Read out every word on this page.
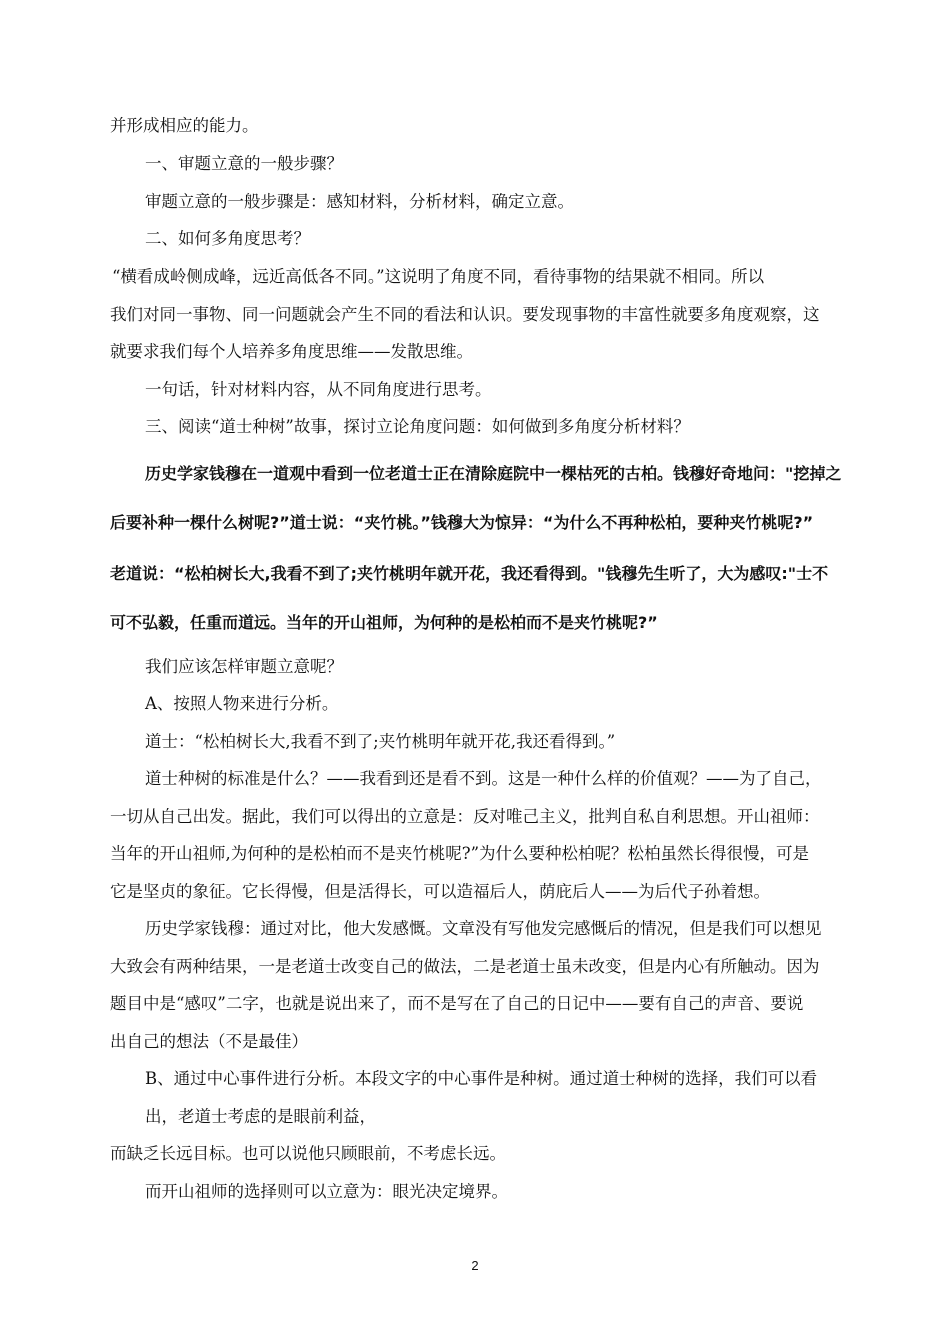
并形成相应的能力。
一、审题立意的一般步骤？
审题立意的一般步骤是：感知材料，分析材料，确定立意。
二、如何多角度思考？
“横看成岭侧成峰，远近高低各不同。”这说明了角度不同，看待事物的结果就不相同。所以
我们对同一事物、同一问题就会产生不同的看法和认识。要发现事物的丰富性就要多角度观察，这
就要求我们每个人培养多角度思维——发散思维。
一句话，针对材料内容，从不同角度进行思考。
三、阅读“道士种树”故事，探讨立论角度问题：如何做到多角度分析材料？
历史学家钱穆在一道观中看到一位老道士正在清除庭院中一棵枯死的古柏。钱穆好奇地问："挖掉之
后要补种一棵什么树呢?”道士说：“夹竹桃。”钱穆大为惊异：“为什么不再种松柏，要种夹竹桃呢?”
老道说：“松柏树长大,我看不到了;夹竹桃明年就开花，我还看得到。"钱穆先生听了，大为感叹:"士不
可不弘毅，任重而道远。当年的开山祖师，为何种的是松柏而不是夹竹桃呢?”
我们应该怎样审题立意呢？
A、按照人物来进行分析。
道士：“松柏树长大,我看不到了;夹竹桃明年就开花,我还看得到。”
道士种树的标准是什么？——我看到还是看不到。这是一种什么样的价值观？——为了自己，
一切从自己出发。据此，我们可以得出的立意是：反对唯己主义，批判自私自利思想。开山祖师：
当年的开山祖师,为何种的是松柏而不是夹竹桃呢?”为什么要种松柏呢？松柏虽然长得很慢，可是
它是坚贞的象征。它长得慢，但是活得长，可以造福后人，荫庇后人——为后代子孙着想。
历史学家钱穆：通过对比，他大发感慨。文章没有写他发完感慨后的情况，但是我们可以想见
大致会有两种结果，一是老道士改变自己的做法，二是老道士虽未改变，但是内心有所触动。因为
题目中是“感叹”二字，也就是说出来了，而不是写在了自己的日记中——要有自己的声音、要说
出自己的想法（不是最佳）
B、通过中心事件进行分析。本段文字的中心事件是种树。通过道士种树的选择，我们可以看
出，老道士考虑的是眼前利益，
而缺乏长远目标。也可以说他只顾眼前，不考虑长远。
而开山祖师的选择则可以立意为：眼光决定境界。
2
